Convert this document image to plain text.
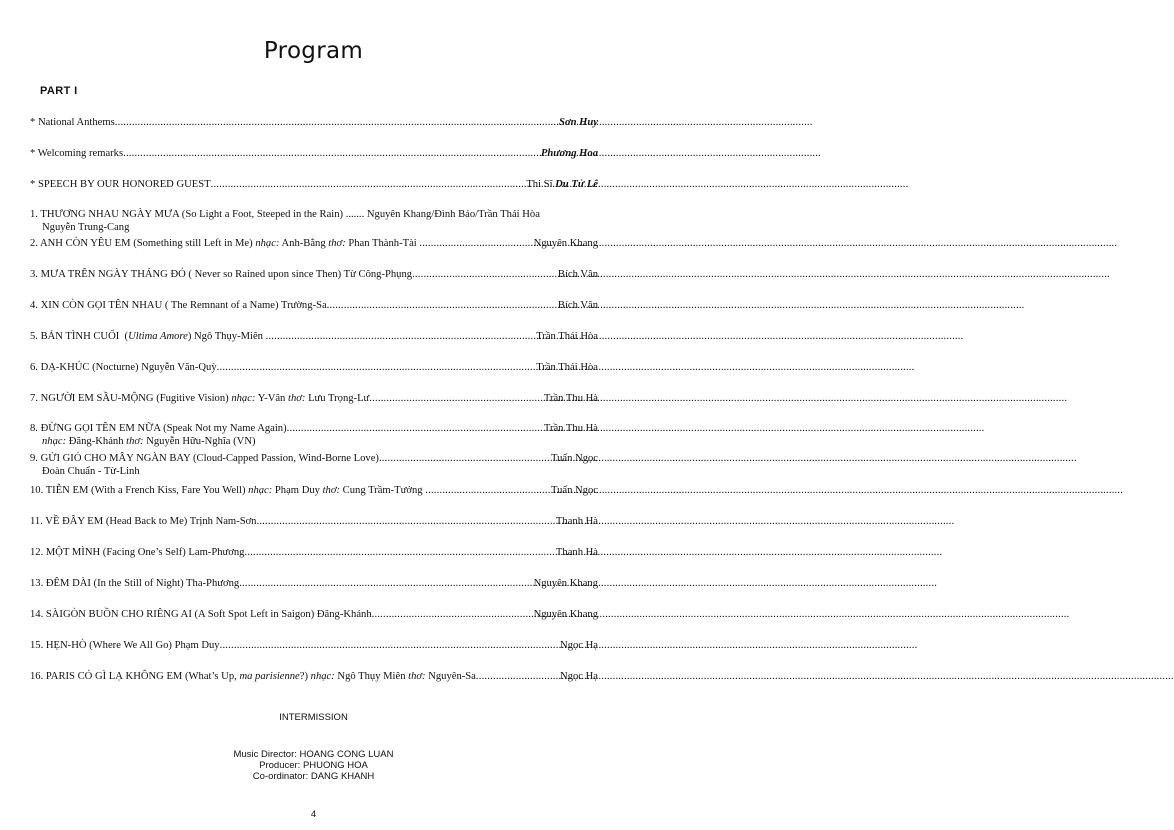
Program
PART I
* National Anthems .....	Sơn Huy
* Welcoming remarks .....	Phương Hoa
* SPEECH BY OUR HONORED GUEST .....	Thi Sĩ Du Tử Lê
1. THƯƠNG NHAU NGÀY MƯA (So Light a Foot, Steeped in the Rain) ....... Nguyên Khang/Đình Bảo/Trần Thái Hòa
Nguyễn Trung-Cang
2. ANH CÒN YÊU EM (Something still Left in Me) nhạc: Anh-Bằng thơ: Phan Thành-Tài .....	Nguyên Khang
3. MƯA TRÊN NGÀY THÁNG ĐÓ ( Never so Rained upon since Then) Từ Công-Phụng .....	Bích Vân
4. XIN CÒN GỌI TÊN NHAU ( The Remnant of a Name) Trường-Sa .....	Bích Vân
5. BẢN TÌNH CUỐI  (Ultima Amore) Ngô Thụy-Miên .....	Trần Thái Hòa
6. DẠ-KHÚC (Nocturne) Nguyễn Văn-Quỳ .....	Trần Thái Hòa
7. NGƯỜI EM SẦU-MỘNG (Fugitive Vision) nhạc: Y-Vân thơ: Lưu Trọng-Lư .....	Trần Thu Hà
8. ĐỪNG GỌI TÊN EM NỮA (Speak Not my Name Again) .....	Trần Thu Hà
nhạc: Đăng-Khánh thơ: Nguyễn Hữu-Nghĩa (VN)
9. GỬI GIÓ CHO MÂY NGÀN BAY (Cloud-Capped Passion, Wind-Borne Love) .....	Tuấn Ngọc
Đoàn Chuẩn - Từ-Linh
10. TIỄN EM (With a French Kiss, Fare You Well) nhạc: Phạm Duy thơ: Cung Trầm-Tưởng .....	Tuấn Ngọc
11. VỀ ĐÂY EM (Head Back to Me) Trịnh Nam-Sơn .....	Thanh Hà
12. MỘT MÌNH (Facing One’s Self) Lam-Phương .....	Thanh Hà
13. ĐÊM DÀI (In the Still of Night) Tha-Phương .....	Nguyên Khang
14. SÀIGÒN BUỒN CHO RIÊNG AI (A Soft Spot Left in Saigon) Đăng-Khánh .....	Nguyên Khang
15. HẸN-HÒ (Where We All Go) Phạm Duy .....	Ngọc Hạ
16. PARIS CÓ GÌ LẠ KHÔNG EM (What’s Up, ma parisienne?) nhạc: Ngô Thụy Miên thơ: Nguyên-Sa .....	Ngọc Hạ
INTERMISSION
Music Director: HOANG CONG LUAN
Producer: PHUONG HOA
Co-ordinator: DANG KHANH
4
